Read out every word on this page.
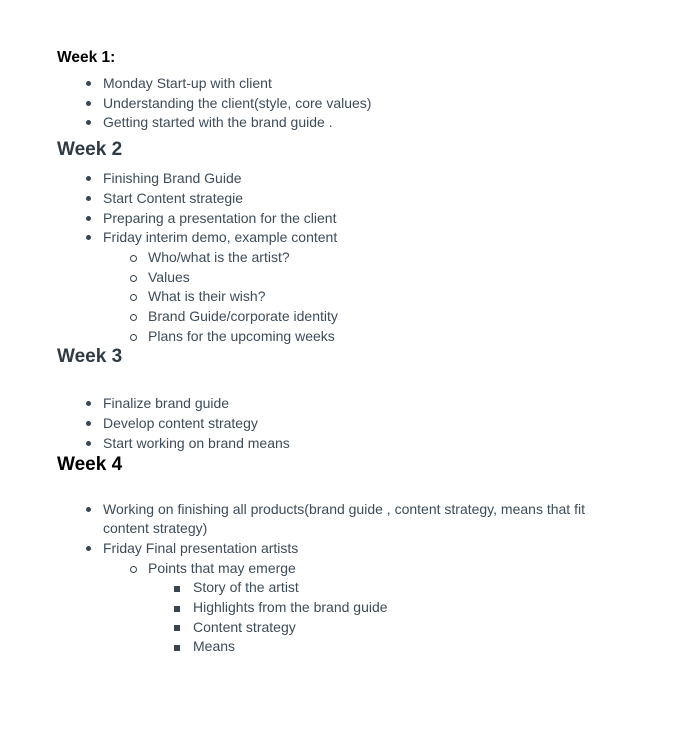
Week 1:
Monday Start-up with client
Understanding the client(style, core values)
Getting started with the brand guide .
Week 2
Finishing Brand Guide
Start Content strategie
Preparing a presentation for the client
Friday interim demo, example content
Who/what is the artist?
Values
What is their wish?
Brand Guide/corporate identity
Plans for the upcoming weeks
Week 3
Finalize brand guide
Develop content strategy
Start working on brand means
Week 4
Working on finishing all products(brand guide , content strategy, means that fit content strategy)
Friday Final presentation artists
Points that may emerge
Story of the artist
Highlights from the brand guide
Content strategy
Means
